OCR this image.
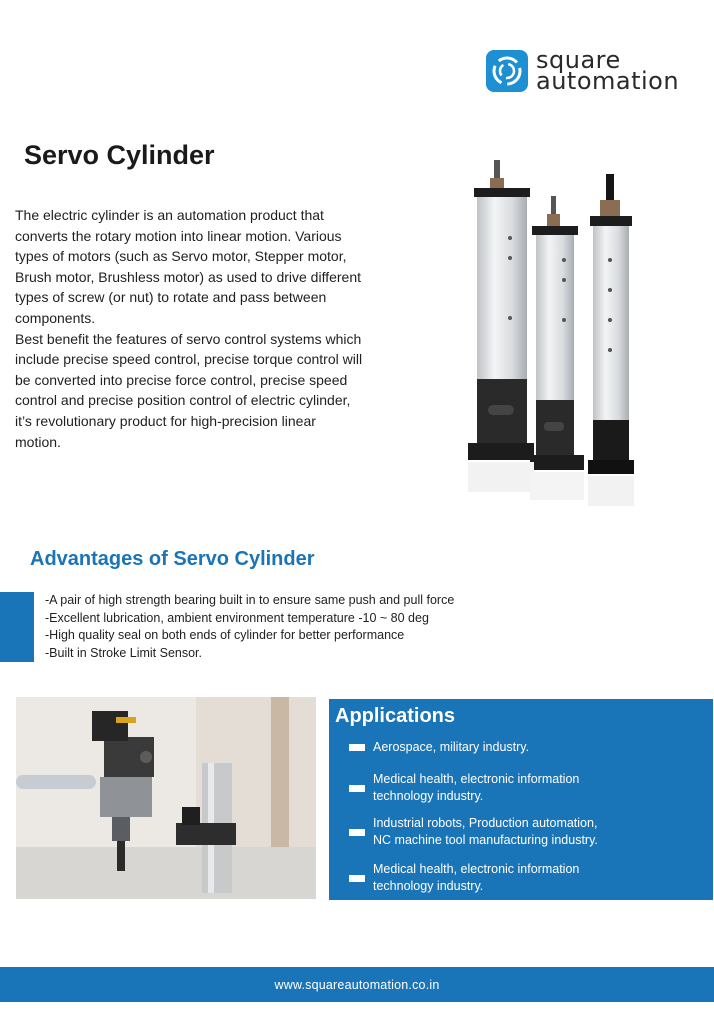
square
automation
Servo Cylinder

The electric cylinder is an automation product that converts the rotary motion into linear motion. Various types of motors (such as Servo motor, Stepper motor, Brush motor, Brushless motor) as used to drive different types of screw (or nut) to rotate and pass between components.

Best benefit the features of servo control systems which include precise speed control, precise torque control will be converted into precise force control, precise speed control and precise position control of electric cylinder, it’s revolutionary product for high-precision linear motion.

Advantages of Servo Cylinder
-A pair of high strength bearing built in to ensure same push and pull force
-Excellent lubrication, ambient environment temperature -10 ~ 80 deg
-High quality seal on both ends of cylinder for better performance
-Built in Stroke Limit Sensor.
Applications
Aerospace, military industry.
Medical health, electronic information technology industry.
Industrial robots, Production automation, NC machine tool manufacturing industry.
Medical health, electronic information technology industry.
www.squareautomation.co.in
